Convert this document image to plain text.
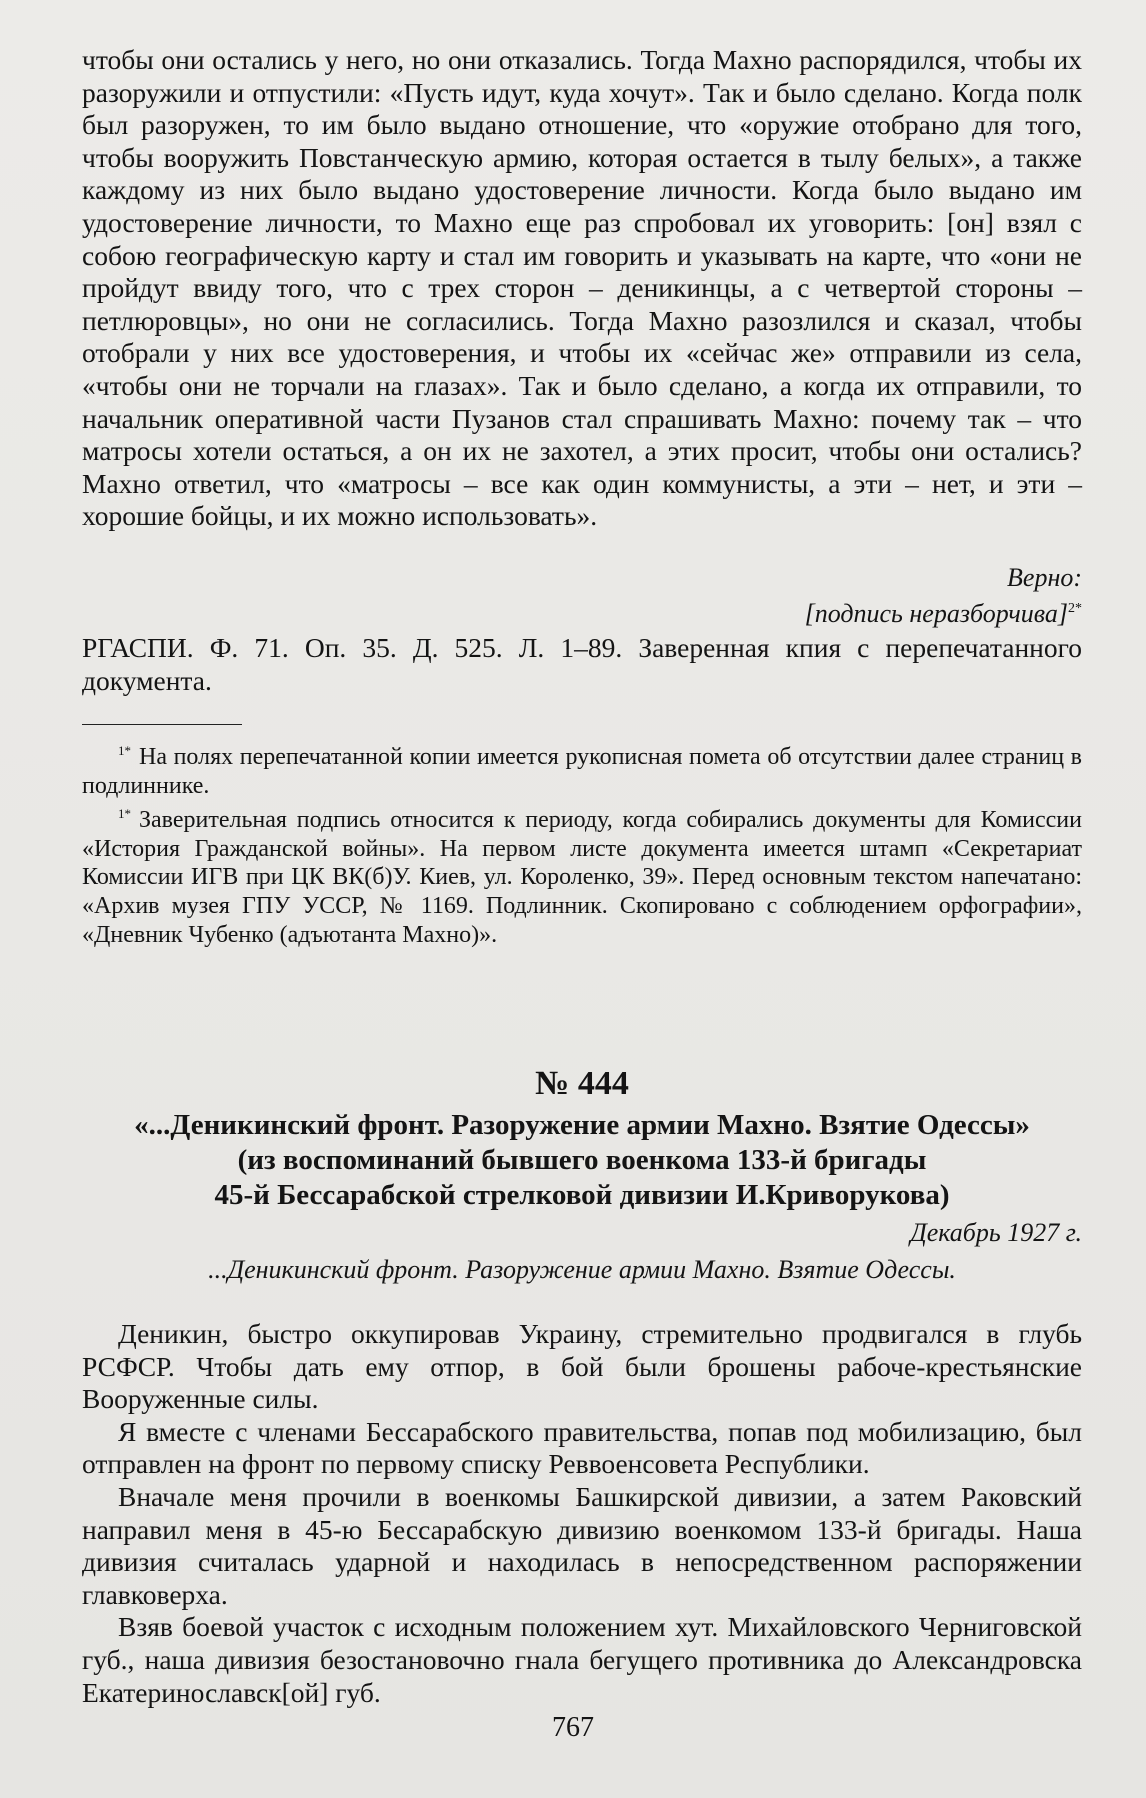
чтобы они остались у него, но они отказались. Тогда Махно распорядился, чтобы их разоружили и отпустили: «Пусть идут, куда хочут». Так и было сделано. Когда полк был разоружен, то им было выдано отношение, что «оружие отобрано для того, чтобы вооружить Повстанческую армию, которая остается в тылу белых», а также каждому из них было выдано удостоверение личности. Когда было выдано им удостоверение личности, то Махно еще раз спробовал их уговорить: [он] взял с собою географическую карту и стал им говорить и указывать на карте, что «они не пройдут ввиду того, что с трех сторон – деникинцы, а с четвертой стороны – петлюровцы», но они не согласились. Тогда Махно разозлился и сказал, чтобы отобрали у них все удостоверения, и чтобы их «сейчас же» отправили из села, «чтобы они не торчали на глазах». Так и было сделано, а когда их отправили, то начальник оперативной части Пузанов стал спрашивать Махно: почему так – что матросы хотели остаться, а он их не захотел, а этих просит, чтобы они остались? Махно ответил, что «матросы – все как один коммунисты, а эти – нет, и эти – хорошие бойцы, и их можно использовать».

Верно:
[подпись неразборчива]$^{2*}$

РГАСПИ. Ф. 71. Оп. 35. Д. 525. Л. 1–89. Заверенная кпия с перепечатанного документа.

$^{1*}$ На полях перепечатанной копии имеется рукописная помета об отсутствии далее страниц в подлиннике.

$^{1*}$ Заверительная подпись относится к периоду, когда собирались документы для Комиссии «История Гражданской войны». На первом листе документа имеется штамп «Секретариат Комиссии ИГВ при ЦК ВК(б)У. Киев, ул. Короленко, 39». Перед основным текстом напечатано: «Архив музея ГПУ УССР, № 1169. Подлинник. Скопировано с соблюдением орфографии», «Дневник Чубенко (адъютанта Махно)».

№ 444

«...Деникинский фронт. Разоружение армии Махно. Взятие Одессы»

(из воспоминаний бывшего военкома 133-й бригады

45-й Бессарабской стрелковой дивизии И.Криворукова)

Декабрь 1927 г.

...Деникинский фронт. Разоружение армии Махно. Взятие Одессы.

Деникин, быстро оккупировав Украину, стремительно продвигался в глубь РСФСР. Чтобы дать ему отпор, в бой были брошены рабоче-крестьянские Вооруженные силы.

Я вместе с членами Бессарабского правительства, попав под мобилизацию, был отправлен на фронт по первому списку Реввоенсовета Республики.

Вначале меня прочили в военкомы Башкирской дивизии, а затем Раковский направил меня в 45-ю Бессарабскую дивизию военкомом 133-й бригады. Наша дивизия считалась ударной и находилась в непосредственном распоряжении главковерха.

Взяв боевой участок с исходным положением хут. Михайловского Черниговской губ., наша дивизия безостановочно гнала бегущего противника до Александровска Екатеринославск[ой] губ.

767
